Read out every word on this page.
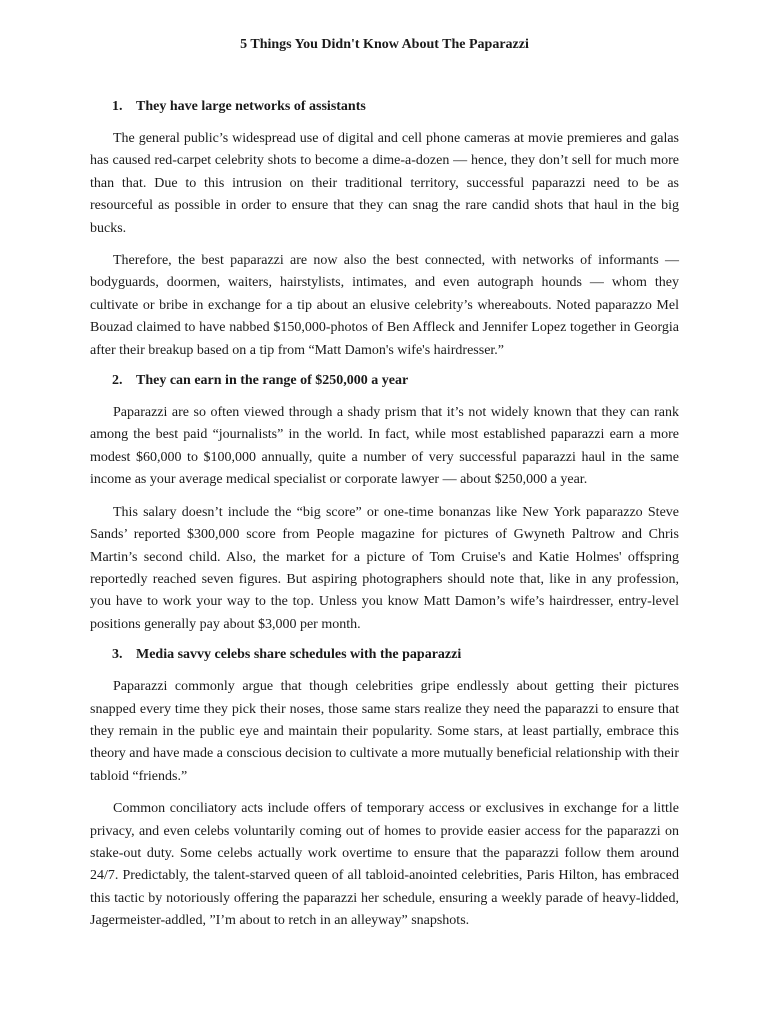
5 Things You Didn't Know About The Paparazzi
1. They have large networks of assistants

The general public’s widespread use of digital and cell phone cameras at movie premieres and galas has caused red-carpet celebrity shots to become a dime-a-dozen — hence, they don’t sell for much more than that. Due to this intrusion on their traditional territory, successful paparazzi need to be as resourceful as possible in order to ensure that they can snag the rare candid shots that haul in the big bucks.

Therefore, the best paparazzi are now also the best connected, with networks of informants — bodyguards, doormen, waiters, hairstylists, intimates, and even autograph hounds — whom they cultivate or bribe in exchange for a tip about an elusive celebrity’s whereabouts. Noted paparazzo Mel Bouzad claimed to have nabbed $150,000-photos of Ben Affleck and Jennifer Lopez together in Georgia after their breakup based on a tip from “Matt Damon's wife's hairdresser.”

2. They can earn in the range of $250,000 a year

Paparazzi are so often viewed through a shady prism that it’s not widely known that they can rank among the best paid “journalists” in the world. In fact, while most established paparazzi earn a more modest $60,000 to $100,000 annually, quite a number of very successful paparazzi haul in the same income as your average medical specialist or corporate lawyer — about $250,000 a year.

This salary doesn’t include the “big score” or one-time bonanzas like New York paparazzo Steve Sands’ reported $300,000 score from People magazine for pictures of Gwyneth Paltrow and Chris Martin’s second child. Also, the market for a picture of Tom Cruise's and Katie Holmes' offspring reportedly reached seven figures. But aspiring photographers should note that, like in any profession, you have to work your way to the top. Unless you know Matt Damon’s wife’s hairdresser, entry-level positions generally pay about $3,000 per month.

3. Media savvy celebs share schedules with the paparazzi

Paparazzi commonly argue that though celebrities gripe endlessly about getting their pictures snapped every time they pick their noses, those same stars realize they need the paparazzi to ensure that they remain in the public eye and maintain their popularity. Some stars, at least partially, embrace this theory and have made a conscious decision to cultivate a more mutually beneficial relationship with their tabloid “friends.”

Common conciliatory acts include offers of temporary access or exclusives in exchange for a little privacy, and even celebs voluntarily coming out of homes to provide easier access for the paparazzi on stake-out duty. Some celebs actually work overtime to ensure that the paparazzi follow them around 24/7. Predictably, the talent-starved queen of all tabloid-anointed celebrities, Paris Hilton, has embraced this tactic by notoriously offering the paparazzi her schedule, ensuring a weekly parade of heavy-lidded, Jagermeister-addled, ”I’m about to retch in an alleyway” snapshots.
